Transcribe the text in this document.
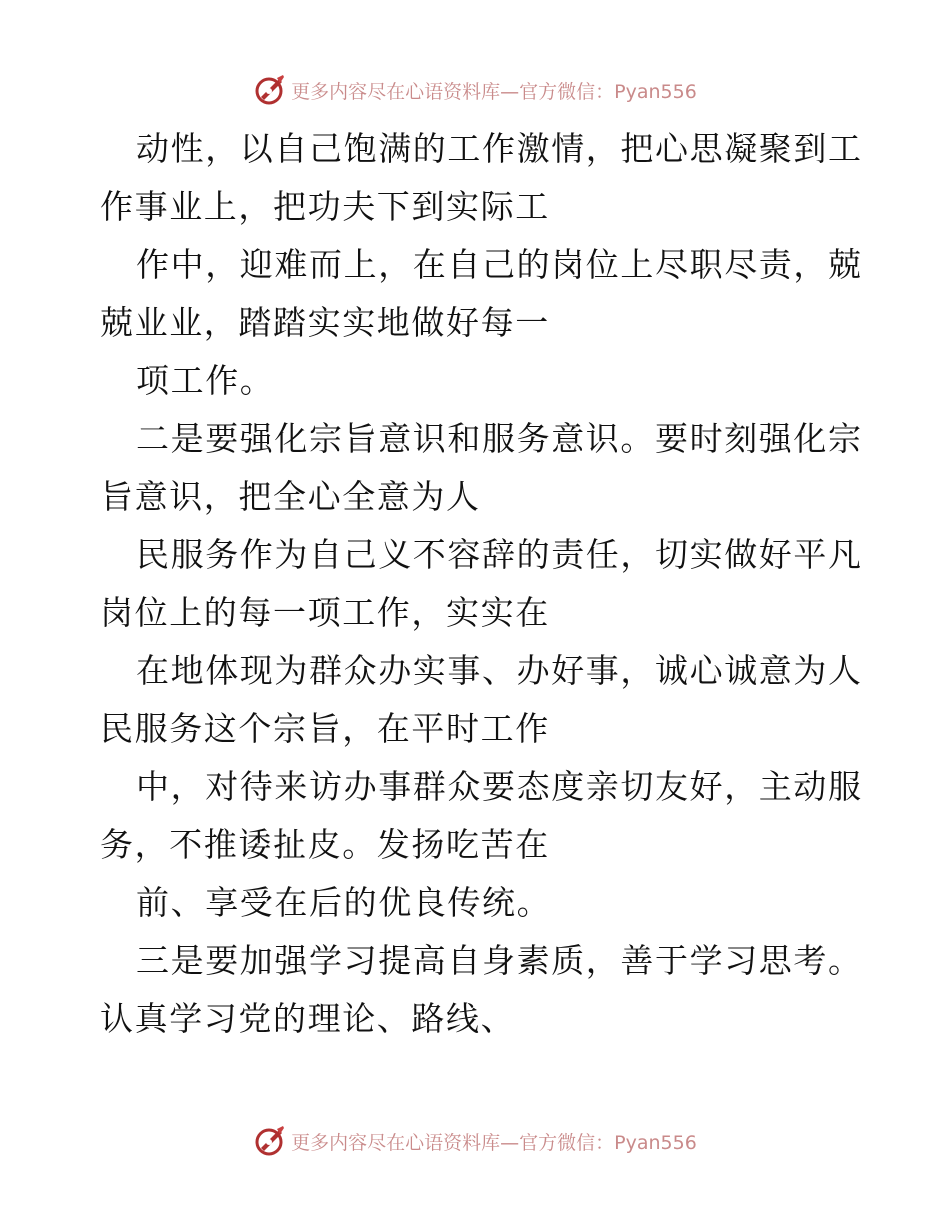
更多内容尽在心语资料库—官方微信：Pyan556
动性，以自己饱满的工作激情，把心思凝聚到工
作事业上，把功夫下到实际工
作中，迎难而上，在自己的岗位上尽职尽责，兢
兢业业，踏踏实实地做好每一
项工作。
二是要强化宗旨意识和服务意识。要时刻强化宗
旨意识，把全心全意为人
民服务作为自己义不容辞的责任，切实做好平凡
岗位上的每一项工作，实实在
在地体现为群众办实事、办好事，诚心诚意为人
民服务这个宗旨，在平时工作
中，对待来访办事群众要态度亲切友好，主动服
务，不推诿扯皮。发扬吃苦在
前、享受在后的优良传统。
三是要加强学习提高自身素质，善于学习思考。
认真学习党的理论、路线、
更多内容尽在心语资料库—官方微信：Pyan556
